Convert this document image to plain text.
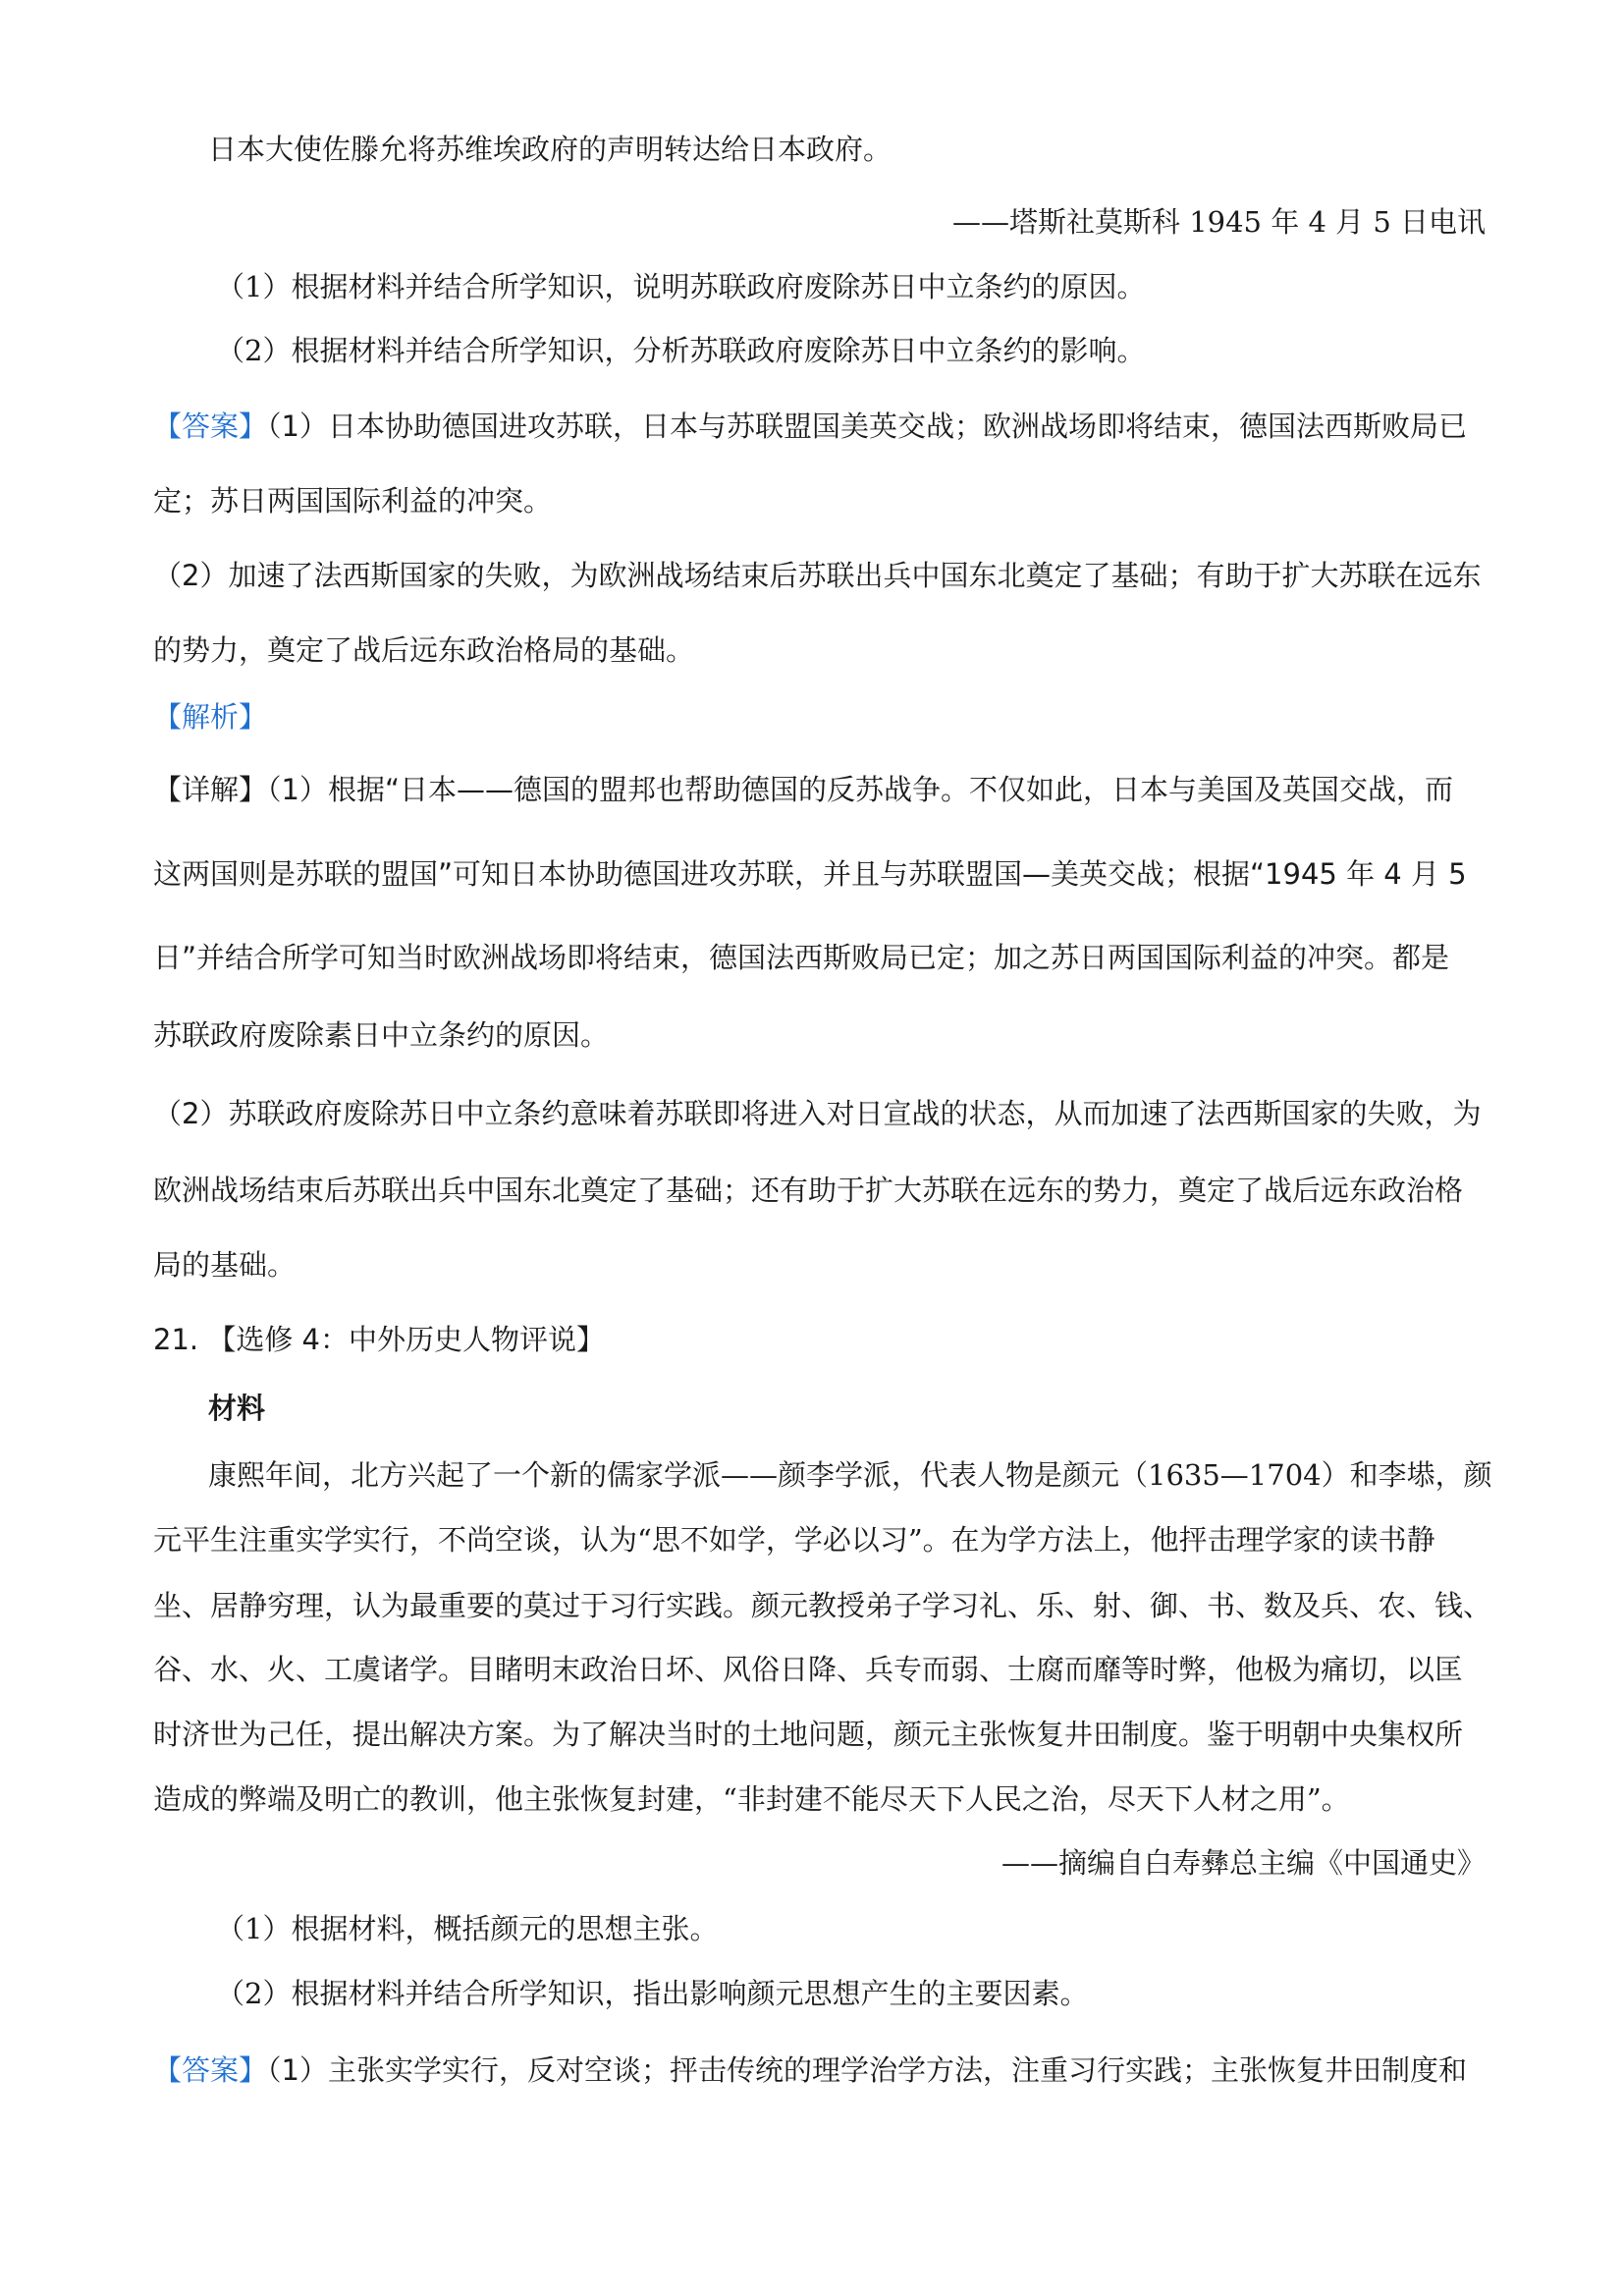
日本大使佐滕允将苏维埃政府的声明转达给日本政府。
——塔斯社莫斯科 1945 年 4 月 5 日电讯
（1）根据材料并结合所学知识，说明苏联政府废除苏日中立条约的原因。
（2）根据材料并结合所学知识，分析苏联政府废除苏日中立条约的影响。
【答案】（1）日本协助德国进攻苏联，日本与苏联盟国美英交战；欧洲战场即将结束，德国法西斯败局已
定；苏日两国国际利益的冲突。
（2）加速了法西斯国家的失败，为欧洲战场结束后苏联出兵中国东北奠定了基础；有助于扩大苏联在远东
的势力，奠定了战后远东政治格局的基础。
【解析】
【详解】（1）根据“日本——德国的盟邦也帮助德国的反苏战争。不仅如此，日本与美国及英国交战，而
这两国则是苏联的盟国”可知日本协助德国进攻苏联，并且与苏联盟国—美英交战；根据“1945 年 4 月 5
日”并结合所学可知当时欧洲战场即将结束，德国法西斯败局已定；加之苏日两国国际利益的冲突。都是
苏联政府废除素日中立条约的原因。
（2）苏联政府废除苏日中立条约意味着苏联即将进入对日宣战的状态，从而加速了法西斯国家的失败，为
欧洲战场结束后苏联出兵中国东北奠定了基础；还有助于扩大苏联在远东的势力，奠定了战后远东政治格
局的基础。
21. 【选修 4：中外历史人物评说】
材料
康熙年间，北方兴起了一个新的儒家学派——颜李学派，代表人物是颜元（1635—1704）和李塨，颜
元平生注重实学实行，不尚空谈，认为“思不如学，学必以习”。在为学方法上，他抨击理学家的读书静
坐、居静穷理，认为最重要的莫过于习行实践。颜元教授弟子学习礼、乐、射、御、书、数及兵、农、钱、
谷、水、火、工虞诸学。目睹明末政治日坏、风俗日降、兵专而弱、士腐而靡等时弊，他极为痛切，以匡
时济世为己任，提出解决方案。为了解决当时的土地问题，颜元主张恢复井田制度。鉴于明朝中央集权所
造成的弊端及明亡的教训，他主张恢复封建，“非封建不能尽天下人民之治，尽天下人材之用”。
——摘编自白寿彝总主编《中国通史》
（1）根据材料，概括颜元的思想主张。
（2）根据材料并结合所学知识，指出影响颜元思想产生的主要因素。
【答案】（1）主张实学实行，反对空谈；抨击传统的理学治学方法，注重习行实践；主张恢复井田制度和
